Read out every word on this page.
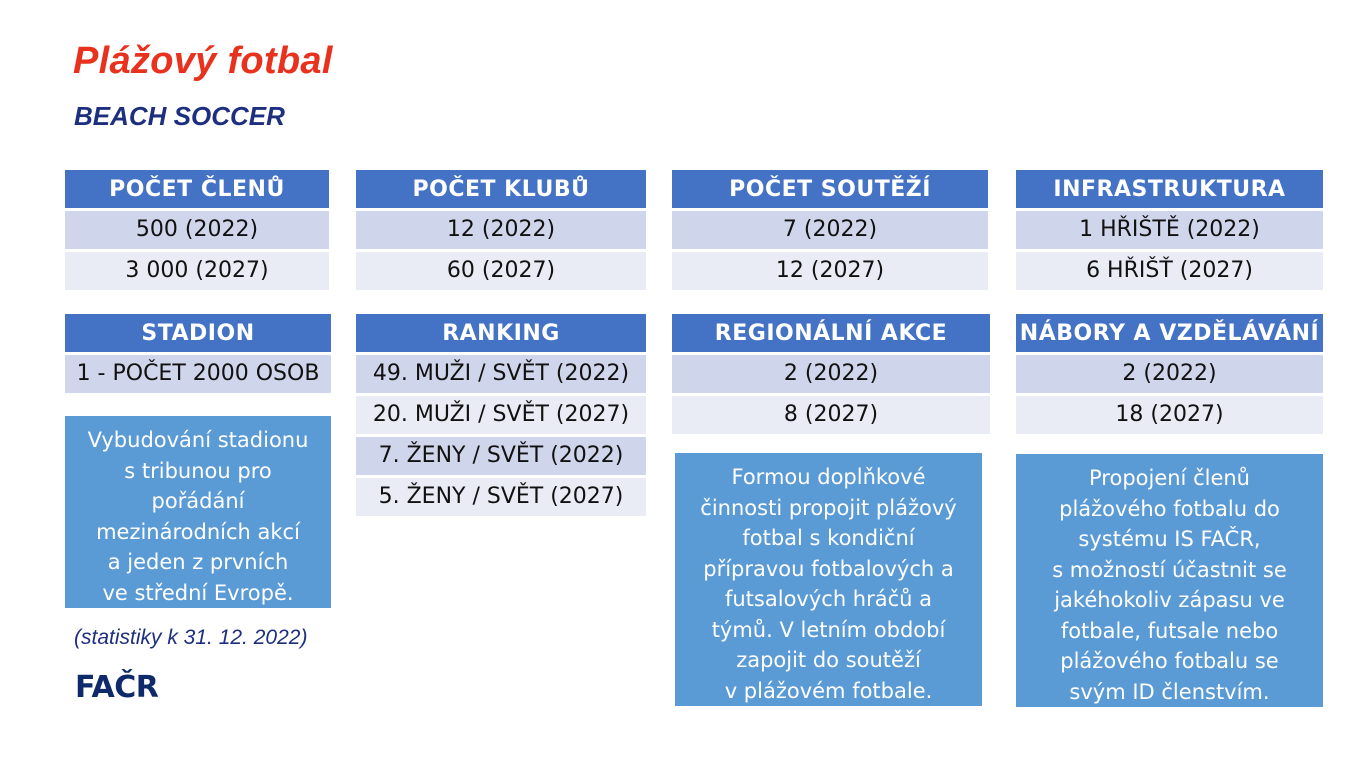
Plážový fotbal
BEACH SOCCER
POČET ČLENŮ
500 (2022)
3 000 (2027)
POČET KLUBŮ
12 (2022)
60 (2027)
POČET SOUTĚŽÍ
7 (2022)
12 (2027)
INFRASTRUKTURA
1 HŘIŠTĚ (2022)
6 HŘIŠŤ (2027)
STADION
1 - POČET 2000 OSOB
RANKING
49. MUŽI / SVĚT (2022)
20. MUŽI / SVĚT (2027)
7. ŽENY / SVĚT (2022)
5. ŽENY / SVĚT (2027)
REGIONÁLNÍ AKCE
2 (2022)
8 (2027)
NÁBORY A VZDĚLÁVÁNÍ
2 (2022)
18 (2027)
Vybudování stadionu
s tribunou pro
pořádání
mezinárodních akcí
a jeden z prvních
ve střední Evropě.
Formou doplňkové
činnosti propojit plážový
fotbal s kondiční
přípravou fotbalových a
futsalových hráčů a
týmů. V letním období
zapojit do soutěží
v plážovém fotbale.
Propojení členů
plážového fotbalu do
systému IS FAČR,
s možností účastnit se
jakéhokoliv zápasu ve
fotbale, futsale nebo
plážového fotbalu se
svým ID členstvím.
(statistiky k 31. 12. 2022)
FAČR
